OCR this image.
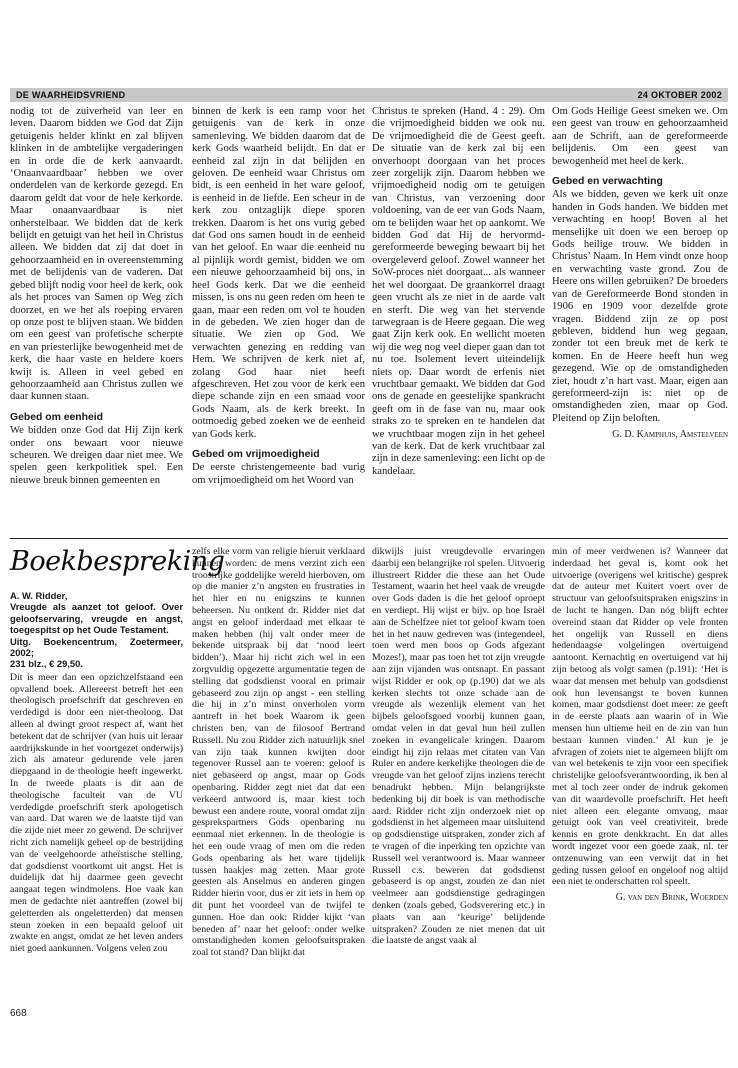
DE WAARHEIDSVRIEND	24 OKTOBER 2002

nodig tot de zuiverheid van leer en leven. Daarom bidden we God dat Zijn getuigenis helder klinkt en zal blijven klinken in de ambtelijke vergaderingen en in orde die de kerk aanvaardt. ‘Onaanvaardbaar’ hebben we over onderdelen van de kerkorde gezegd. En daarom geldt dat voor de hele kerkorde. Maar onaanvaardbaar is niet onherstelbaar. We bidden dat de kerk belijdt en getuigt van het heil in Christus alleen. We bidden dat zij dat doet in gehoorzaamheid en in overeenstemming met de belijdenis van de vaderen. Dat gebed blijft nodig voor heel de kerk, ook als het proces van Samen op Weg zich doorzet, en we het als roeping ervaren op onze post te blijven staan. We bidden om een geest van profetische scherpte en van priesterlijke bewogenheid met de kerk, die haar vaste en heldere koers kwijt is. Alleen in veel gebed en gehoorzaamheid aan Christus zullen we daar kunnen staan.

Gebed om eenheid

We bidden onze God dat Hij Zijn kerk onder ons bewaart voor nieuwe scheuren. We dreigen daar niet mee. We spelen geen kerkpolitiek spel. Een nieuwe breuk binnen gemeenten en

binnen de kerk is een ramp voor het getuigenis van de kerk in onze samenleving. We bidden daarom dat de kerk Gods waarheid belijdt. En dat er eenheid zal zijn in dat belijden en geloven. De eenheid waar Christus om bidt, is een eenheid in het ware geloof, is eenheid in de liefde. Een scheur in de kerk zou ontzaglijk diepe sporen trekken. Daarom is het ons vurig gebed dat God ons samen houdt in de eenheid van het geloof. En waar die eenheid nu al pijnlijk wordt gemist, bidden we om een nieuwe gehoorzaamheid bij ons, in heel Gods kerk. Dat we die eenheid missen, is ons nu geen reden om heen te gaan, maar een reden om vol te houden in de gebeden. We zien hoger dan de situatie. We zien op God. We verwachten genezing en redding van Hem. We schrijven de kerk niet af, zolang God haar niet heeft afgeschreven. Het zou voor de kerk een diepe schande zijn en een smaad voor Gods Naam, als de kerk breekt. In ootmoedig gebed zoeken we de eenheid van Gods kerk.

Gebed om vrijmoedigheid

De eerste christengemeente bad vurig om vrijmoedigheid om het Woord van

Christus te spreken (Hand. 4 : 29). Om die vrijmoedigheid bidden we ook nu. De vrijmoedigheid die de Geest geeft. De situatie van de kerk zal bij een onverhoopt doorgaan van het proces zeer zorgelijk zijn. Daarom hebben we vrijmoedigheid nodig om te getuigen van Christus, van verzoening door voldoening, van de eer van Gods Naam, om te belijden waar het op aankomt. We bidden God dat Hij de hervormd-gereformeerde beweging bewaart bij het overgeleverd geloof. Zowel wanneer het SoW-proces niet doorgaat... als wanneer het wel doorgaat. De graankorrel draagt geen vrucht als ze niet in de aarde valt en sterft. Die weg van het stervende tarwegraan is de Heere gegaan. Die weg gaat Zijn kerk ook. En wellicht moeten wij die weg nog veel dieper gaan dan tot nu toe. Isolement levert uiteindelijk niets op. Daar wordt de erfenis niet vruchtbaar gemaakt. We bidden dat God ons de genade en geestelijke spankracht geeft om in de fase van nu, maar ook straks zo te spreken en te handelen dat we vruchtbaar mogen zijn in het geheel van de kerk. Dat de kerk vruchtbaar zal zijn in deze samenleving: een licht op de kandelaar.

Om Gods Heilige Geest smeken we. Om een geest van trouw en gehoorzaamheid aan de Schrift, aan de gereformeerde belijdenis. Om een geest van bewogenheid met heel de kerk.

Gebed en verwachting

Als we bidden, geven we kerk uit onze handen in Gods handen. We bidden met verwachting en hoop! Boven al het menselijke uit doen we een beroep op Gods heilige trouw. We bidden in Christus’ Naam. In Hem vindt onze hoop en verwachting vaste grond. Zou de Heere ons willen gebruiken? De broeders van de Gereformeerde Bond stonden in 1906 en 1909 voor dezelfde grote vragen. Biddend zijn ze op post gebleven, biddend hun weg gegaan, zonder tot een breuk met de kerk te komen. En de Heere heeft hun weg gezegend. Wie op de omstandigheden ziet, houdt z’n hart vast. Maar, eigen aan gereformeerd-zijn is: niet op de omstandigheden zien, maar op God. Pleitend op Zijn beloften.

G. D. Kamphuis, Amstelveen
Boekbespreking
A. W. Ridder,
Vreugde als aanzet tot geloof. Over geloofservaring, vreugde en angst, toegespitst op het Oude Testament.
Uitg. Boekencentrum, Zoetermeer, 2002;
231 blz., € 29,50.

Dit is meer dan een opzichzelfstaand een opvallend boek. Allereerst betreft het een theologisch proefschrift dat geschreven en verdedigd is door een niet-theoloog. Dat alleen al dwingt groot respect af, want het betekent dat de schrijver (van huis uit leraar aardrijkskunde in het voortgezet onderwijs) zich als amateur gedurende vele jaren diepgaand in de theologie heeft ingewerkt. In de tweede plaats is dit aan de theologische faculteit van de VU verdedigde proefschrift sterk apologetisch van aard. Dat waren we de laatste tijd van die zijde niet meer zo gewend. De schrijver richt zich namelijk geheel op de bestrijding van de veelgehoorde atheïstische stelling, dat godsdienst voortkomt uit angst. Het is duidelijk dat hij daarmee geen gevecht aangaat tegen windmolens. Hoe vaak kan men de gedachte niet aantreffen (zowel bij geletterden als ongeletterden) dat mensen steun zoeken in een bepaald geloof uit zwakte en angst, omdat ze het leven anders niet goed aankunnen. Volgens velen zou

zelfs elke vorm van religie hieruit verklaard kunnen worden: de mens verzint zich een troostrijke goddelijke wereld hierboven, om op die manier z’n angsten en frustraties in het hier en nu enigszins te kunnen beheersen. Nu ontkent dr. Ridder niet dat angst en geloof inderdaad met elkaar te maken hebben (hij valt onder meer de bekende uitspraak bij dat ‘nood leert bidden’). Maar hij richt zich wel in een zorgvuldig opgezette argumentatie tegen de stelling dat godsdienst vooral en primair gebaseerd zou zijn op angst - een stelling die hij in z’n minst onverholen vorm aantreft in het boek Waarom ik geen christen ben, van de filosoof Bertrand Russell. Nu zou Ridder zich natuurlijk snel van zijn taak kunnen kwijten door tegenover Russel aan te voeren: geloof is niet gebaseerd op angst, maar op Gods openbaring. Ridder zegt niet dat dat een verkeerd antwoord is, maar kiest toch bewust een andere route, vooral omdat zijn gesprekspartners Gods openbaring nu eenmaal niet erkennen. In de theologie is het een oude vraag of men om die reden Gods openbaring als het ware tijdelijk tussen haakjes mag zetten. Maar grote geesten als Anselmus en anderen gingen Ridder hierin voor, dus er zit iets in hem op dit punt het voordeel van de twijfel te gunnen. Hoe dan ook: Ridder kijkt ‘van beneden af’ naar het geloof: onder welke omstandigheden komen geloofsuitspraken zoal tot stand? Dan blijkt dat

dikwijls juist vreugdevolle ervaringen daarbij een belangrijke rol spelen. Uitvoerig illustreert Ridder die these aan het Oude Testament, waarin het heel vaak de vreugde over Gods daden is die het geloof oproept en verdiept. Hij wijst er bijv. op hoe Israël aan de Schelfzee niet tot geloof kwam toen het in het nauw gedreven was (integendeel, toen werd men boos op Gods afgezant Mozes!), maar pas toen het tot zijn vreugde aan zijn vijanden was ontsnapt. En passant wijst Ridder er ook op (p.190) dat we als kerken slechts tot onze schade aan de vreugde als wezenlijk element van het bijbels geloofsgoed voorbij kunnen gaan, omdat velen in dat geval hun heil zullen zoeken in evangelicale kringen. Daarom eindigt hij zijn relaas met citaten van Van Ruler en andere kerkelijke theologen die de vreugde van het geloof zijns inziens terecht benadrukt hebben. Mijn belangrijkste bedenking bij dit boek is van methodische aard. Ridder richt zijn onderzoek niet op godsdienst in het algemeen maar uitsluitend op godsdienstige uitspraken, zonder zich af te vragen of die inperking ten opzichte van Russell wel verantwoord is. Maar wanneer Russell c.s. beweren dat godsdienst gebaseerd is op angst, zouden ze dan niet veelmeer aan godsdienstige gedragingen denken (zoals gebed, Godsverering etc.) in plaats van aan ‘keurige’ belijdende uitspraken? Zouden ze niet menen dat uit die laatste de angst vaak al

min of meer verdwenen is? Wanneer dat inderdaad het geval is, komt ook het uitvoerige (overigens wel kritische) gesprek dat de auteur met Kuitert voert over de structuur van geloofsuitspraken enigszins in de lucht te hangen. Dan nóg blijft echter overeind staan dat Ridder op vele fronten het ongelijk van Russell en diens hedendaagse volgelingen overtuigend aantoont. Kernachtig en overtuigend vat hij zijn betoog als volgt samen (p.191): ‘Het is waar dat mensen met behulp van godsdienst ook hun levensangst te boven kunnen komen, maar godsdienst doet meer: ze geeft in de eerste plaats aan waarin of in Wie mensen hun ultieme heil en de zin van hun bestaan kunnen vinden.’ Al kun je je afvragen of zoiets niet te algemeen blijft om van wel betekenis te zijn voor een specifiek christelijke geloofsverantwoording, ik ben al met al toch zeer onder de indruk gekomen van dit waardevolle proefschrift. Het heeft niet alleen een elegante omvang, maar getuigt ook van veel creativiteit, brede kennis en grote denkkracht. En dat alles wordt ingezet voor een goede zaak, nl. ter ontzenuwing van een verwijt dat in het geding tussen geloof en ongeloof nog altijd een niet te onderschatten rol speelt.

G. van den Brink, Woerden
668
